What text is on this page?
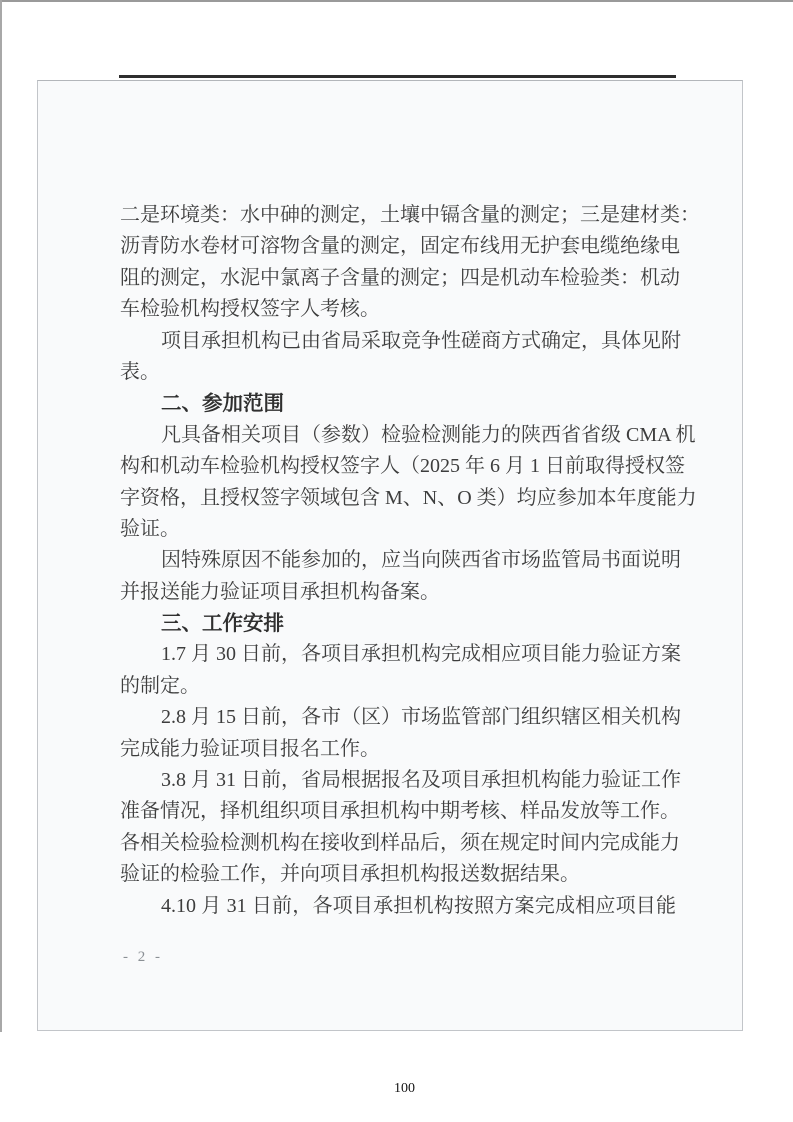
二是环境类：水中砷的测定，土壤中镉含量的测定；三是建材类：
沥青防水卷材可溶物含量的测定，固定布线用无护套电缆绝缘电
阻的测定，水泥中氯离子含量的测定；四是机动车检验类：机动
车检验机构授权签字人考核。
项目承担机构已由省局采取竞争性磋商方式确定，具体见附
表。
二、参加范围
凡具备相关项目（参数）检验检测能力的陕西省省级 CMA 机
构和机动车检验机构授权签字人（2025 年 6 月 1 日前取得授权签
字资格，且授权签字领域包含 M、N、O 类）均应参加本年度能力
验证。
因特殊原因不能参加的，应当向陕西省市场监管局书面说明
并报送能力验证项目承担机构备案。
三、工作安排
1.7 月 30 日前，各项目承担机构完成相应项目能力验证方案
的制定。
2.8 月 15 日前，各市（区）市场监管部门组织辖区相关机构
完成能力验证项目报名工作。
3.8 月 31 日前，省局根据报名及项目承担机构能力验证工作
准备情况，择机组织项目承担机构中期考核、样品发放等工作。
各相关检验检测机构在接收到样品后，须在规定时间内完成能力
验证的检验工作，并向项目承担机构报送数据结果。
4.10 月 31 日前，各项目承担机构按照方案完成相应项目能
- 2 -
100
